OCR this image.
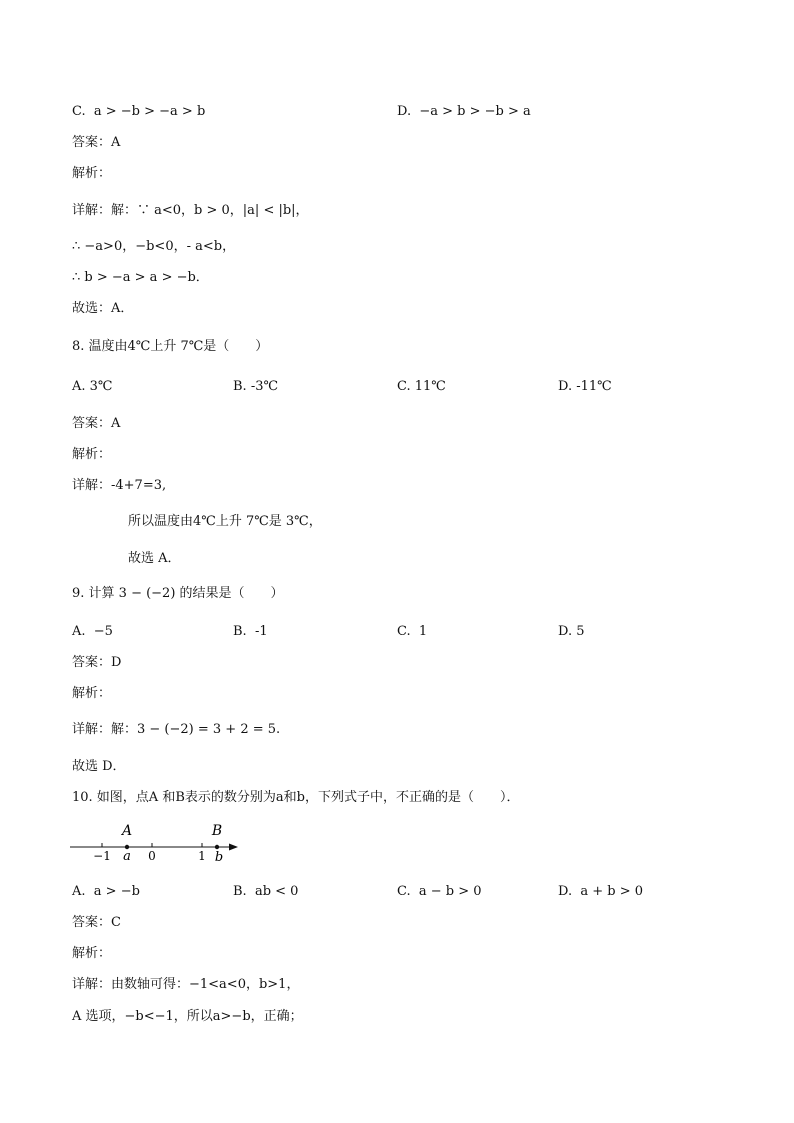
C.  a > −b > −a > b	D.  −a > b > −b > a
答案：A
解析：
详解：解：∵ a<0，b > 0，|a| < |b|，
∴ −a>0，−b<0，- a<b，
∴ b > −a > a > −b．
故选：A．
8. 温度由4℃上升 7℃是（　　）
A. 3℃	B. -3℃	C. 11℃	D. -11℃
答案：A
解析：
详解：-4+7=3,
所以温度由4℃上升 7℃是 3℃，
故选 A．
9. 计算 3 − (−2) 的结果是（　　）
A.  −5	B.  -1	C.  1	D. 5
答案：D
解析：
详解：解：3 − (−2) = 3 + 2 = 5.
故选 D．
10. 如图，点A 和B表示的数分别为a和b，下列式子中，不正确的是（　　）．
−1	0	1
A	B
a	b
A.  a > −b	B.  ab < 0	C.  a − b > 0	D.  a + b > 0
答案：C
解析：
详解：由数轴可得：−1<a<0，b>1，
A 选项，−b<−1，所以a>−b，正确；
